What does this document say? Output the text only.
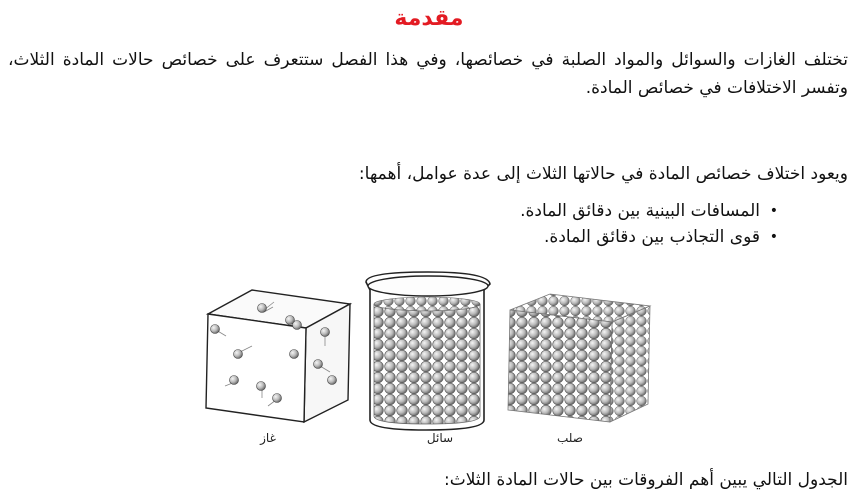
مقدمة
تختلف الغازات والسوائل والمواد الصلبة في خصائصها، وفي هذا الفصل ستتعرف على خصائص حالات المادة الثلاث، وتفسر الاختلافات في خصائص المادة.
ويعود اختلاف خصائص المادة في حالاتها الثلاث إلى عدة عوامل، أهمها:
• المسافات البينية بين دقائق المادة.
• قوى التجاذب بين دقائق المادة.
غاز	سائل	صلب
الجدول التالي يبين أهم الفروقات بين حالات المادة الثلاث:
